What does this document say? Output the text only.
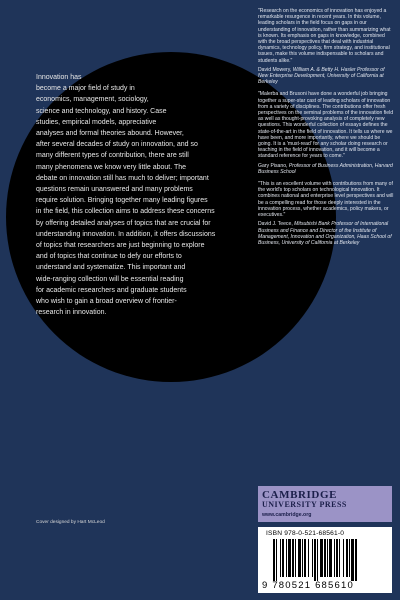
Innovation has

become a major field of study in

economics, management, sociology,

science and technology, and history. Case

studies, empirical models, appreciative

analyses and formal theories abound. However,

after several decades of study on innovation, and so

many different types of contribution, there are still

many phenomena we know very little about. The

debate on innovation still has much to deliver; important

questions remain unanswered and many problems

require solution. Bringing together many leading figures

in the field, this collection aims to address these concerns

by offering detailed analyses of topics that are crucial for

understanding innovation. In addition, it offers discussions

of topics that researchers are just beginning to explore

and of topics that continue to defy our efforts to

understand and systematize. This important and

wide-ranging collection will be essential reading

for academic researchers and graduate students

who wish to gain a broad overview of frontier-

research in innovation.

Cover designed by Hart McLeod

"Research on the economics of innovation has enjoyed a remarkable resurgence in recent years. In this volume, leading scholars in the field focus on gaps in our understanding of innovation, rather than summarizing what is known. Its emphasis on gaps in knowledge, combined with the broad perspectives that deal with industrial dynamics, technology policy, firm strategy, and institutional issues, make this volume indispensable to scholars and students alike."

David Mowery, William A. & Betty H. Hasler Professor of New Enterprise Development, University of California at Berkeley

"Malerba and Brusoni have done a wonderful job bringing together a super-star cast of leading scholars of innovation from a variety of disciplines. The contributions offer fresh perspectives on the seminal problems of the innovation field as well as thought-provoking analysis of completely new questions. This wonderful collection of essays defines the state-of-the-art in the field of innovation. It tells us where we have been, and more importantly, where we should be going. It is a 'must-read' for any scholar doing research or teaching in the field of innovation, and it will become a standard reference for years to come."

Gary Pisano, Professor of Business Administration, Harvard Business School

"This is an excellent volume with contributions from many of the world's top scholars on technological innovation. It combines national and enterprise level perspectives and will be a compelling read for those deeply interested in the innovation process, whether academics, policy makers, or executives."

David J. Teece, Mitsubishi Bank Professor of International Business and Finance and Director of the Institute of Management, Innovation and Organization, Haas School of Business, University of California at Berkeley

CAMBRIDGE
UNIVERSITY PRESS
www.cambridge.org
ISBN 978-0-521-68561-0
9 780521 685610
